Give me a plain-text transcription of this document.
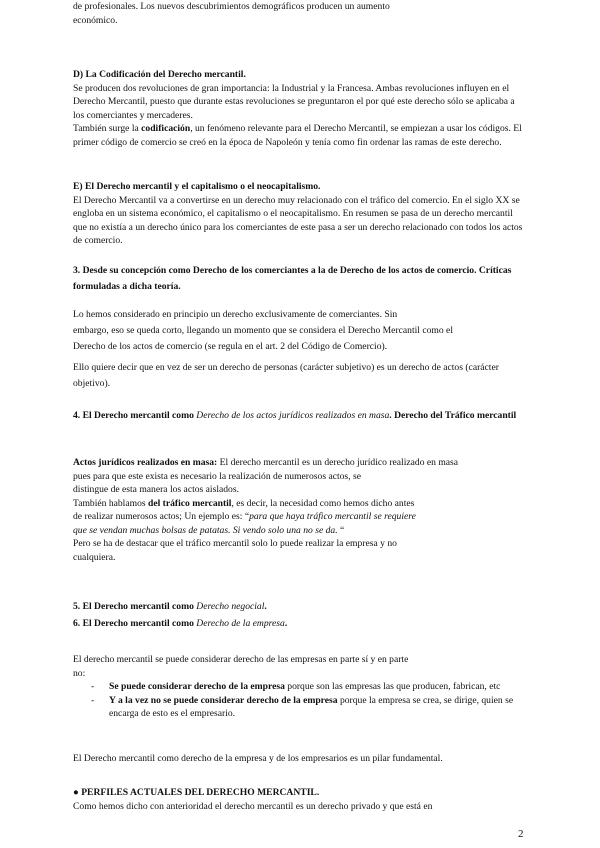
de profesionales. Los nuevos descubrimientos demográficos producen un aumento

económico.

D) La Codificación del Derecho mercantil.

Se producen dos revoluciones de gran importancia: la Industrial y la Francesa. Ambas revoluciones influyen en el Derecho Mercantil, puesto que durante estas revoluciones se preguntaron el por qué este derecho sólo se aplicaba a los comerciantes y mercaderes.

También surge la codificación, un fenómeno relevante para el Derecho Mercantil, se empiezan a usar los códigos. El primer código de comercio se creó en la época de Napoleón y tenía como fin ordenar las ramas de este derecho.

E) El Derecho mercantil y el capitalismo o el neocapitalismo.

El Derecho Mercantil va a convertirse en un derecho muy relacionado con el tráfico del comercio. En el siglo XX se engloba en un sistema económico, el capitalismo o el neocapitalismo. En resumen se pasa de un derecho mercantil que no existía a un derecho único para los comerciantes de este pasa a ser un derecho relacionado con todos los actos de comercio.

3. Desde su concepción como Derecho de los comerciantes a la de Derecho de los actos de comercio. Críticas formuladas a dicha teoría.

Lo hemos considerado en principio un derecho exclusivamente de comerciantes. Sin

embargo, eso se queda corto, llegando un momento que se considera el Derecho Mercantil como el

Derecho de los actos de comercio (se regula en el art. 2 del Código de Comercio).

Ello quiere decir que en vez de ser un derecho de personas (carácter subjetivo) es un derecho de actos (carácter objetivo).

4. El Derecho mercantil como Derecho de los actos jurídicos realizados en masa. Derecho del Tráfico mercantil

Actos jurídicos realizados en masa: El derecho mercantil es un derecho jurídico realizado en masa

pues para que este exista es necesario la realización de numerosos actos, se

distingue de esta manera los actos aislados.

También hablamos del tráfico mercantil, es decir, la necesidad como hemos dicho antes

de realizar numerosos actos; Un ejemplo es: “para que haya tráfico mercantil se requiere

que se vendan muchas bolsas de patatas. Si vendo solo una no se da. “

Pero se ha de destacar que el tráfico mercantil solo lo puede realizar la empresa y no

cualquiera.

5. El Derecho mercantil como Derecho negocial.

6. El Derecho mercantil como Derecho de la empresa.

El derecho mercantil se puede considerar derecho de las empresas en parte sí y en parte

no:

- Se puede considerar derecho de la empresa porque son las empresas las que producen, fabrican, etc
- Y a la vez no se puede considerar derecho de la empresa porque la empresa se crea, se dirige, quien se encarga de esto es el empresario.

El Derecho mercantil como derecho de la empresa y de los empresarios es un pilar fundamental.

● PERFILES ACTUALES DEL DERECHO MERCANTIL.

Como hemos dicho con anterioridad el derecho mercantil es un derecho privado y que está en

2
